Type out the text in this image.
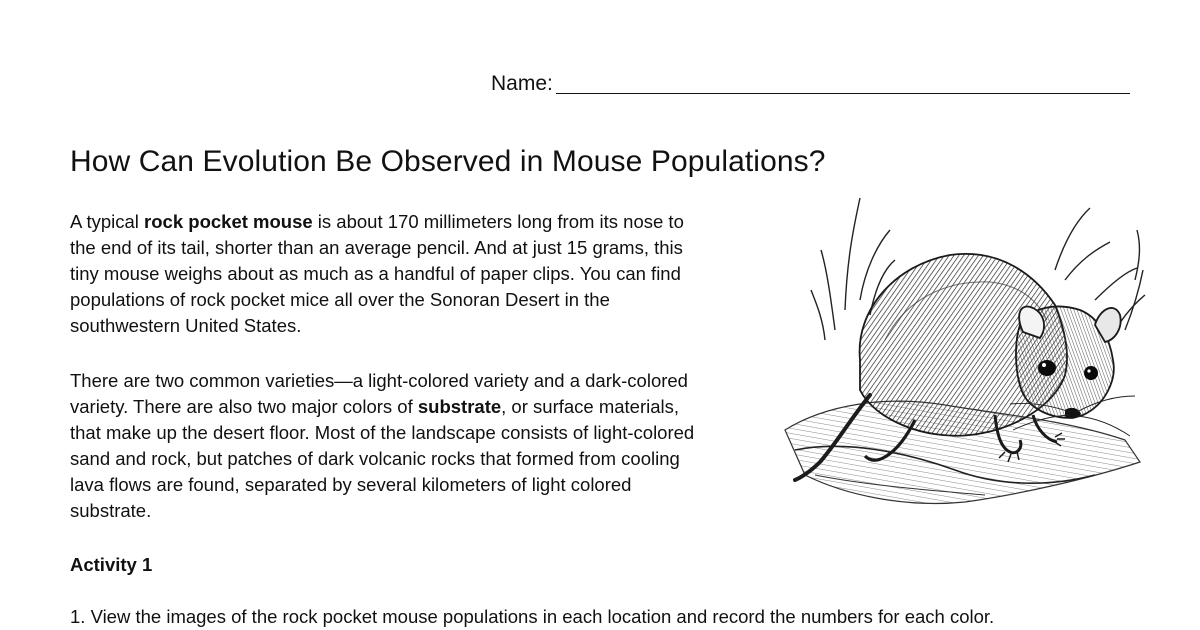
Name:
How Can Evolution Be Observed in Mouse Populations?

A typical rock pocket mouse is about 170 millimeters long from its nose to
the end of its tail, shorter than an average pencil. And at just 15 grams, this
tiny mouse weighs about as much as a handful of paper clips. You can find
populations of rock pocket mice all over the Sonoran Desert in the
southwestern United States.

There are two common varieties—a light-colored variety and a dark-colored
variety. There are also two major colors of substrate, or surface materials,
that make up the desert floor. Most of the landscape consists of light-colored
sand and rock, but patches of dark volcanic rocks that formed from cooling
lava flows are found, separated by several kilometers of light colored
substrate.

Activity 1

1. View the images of the rock pocket mouse populations in each location and record the numbers for each color.
